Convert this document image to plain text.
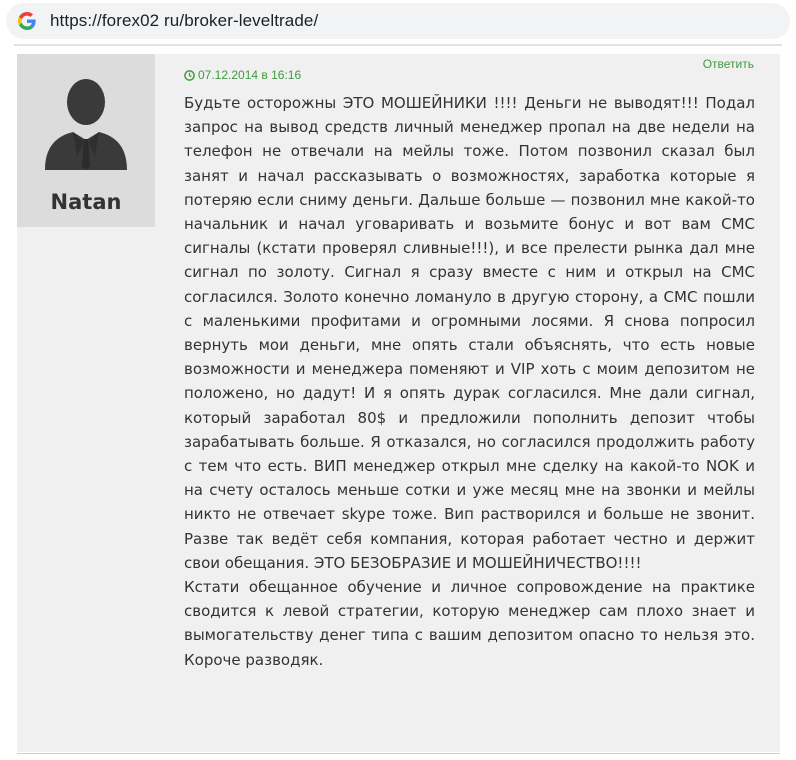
https://forex02 ru/broker-leveltrade/
Natan
Ответить
07.12.2014 в 16:16

Будьте осторожны ЭТО МОШЕЙНИКИ !!!! Деньги не выводят!!! Подал запрос на вывод средств личный менеджер пропал на две недели на телефон не отвечали на мейлы тоже. Потом позвонил сказал был занят и начал рассказывать о возможностях, заработка которые я потеряю если сниму деньги. Дальше больше — позвонил мне какой-то начальник и начал уговаривать и возьмите бонус и вот вам СМС сигналы (кстати проверял сливные!!!), и все прелести рынка дал мне сигнал по золоту. Сигнал я сразу вместе с ним и открыл на СМС согласился. Золото конечно ломануло в другую сторону, а СМС пошли с маленькими профитами и огромными лосями. Я снова попросил вернуть мои деньги, мне опять стали объяснять, что есть новые возможности и менеджера поменяют и VIP хоть с моим депозитом не положено, но дадут! И я опять дурак согласился. Мне дали сигнал, который заработал 80$ и предложили пополнить депозит чтобы зарабатывать больше. Я отказался, но согласился продолжить работу с тем что есть. ВИП менеджер открыл мне сделку на какой-то NOK и на счету осталось меньше сотки и уже месяц мне на звонки и мейлы никто не отвечает skype тоже. Вип растворился и больше не звонит. Разве так ведёт себя компания, которая работает честно и держит свои обещания. ЭТО БЕЗОБРАЗИЕ И МОШЕЙНИЧЕСТВО!!!!

Кстати обещанное обучение и личное сопровождение на практике сводится к левой стратегии, которую менеджер сам плохо знает и вымогательству денег типа с вашим депозитом опасно то нельзя это. Короче разводяк.
